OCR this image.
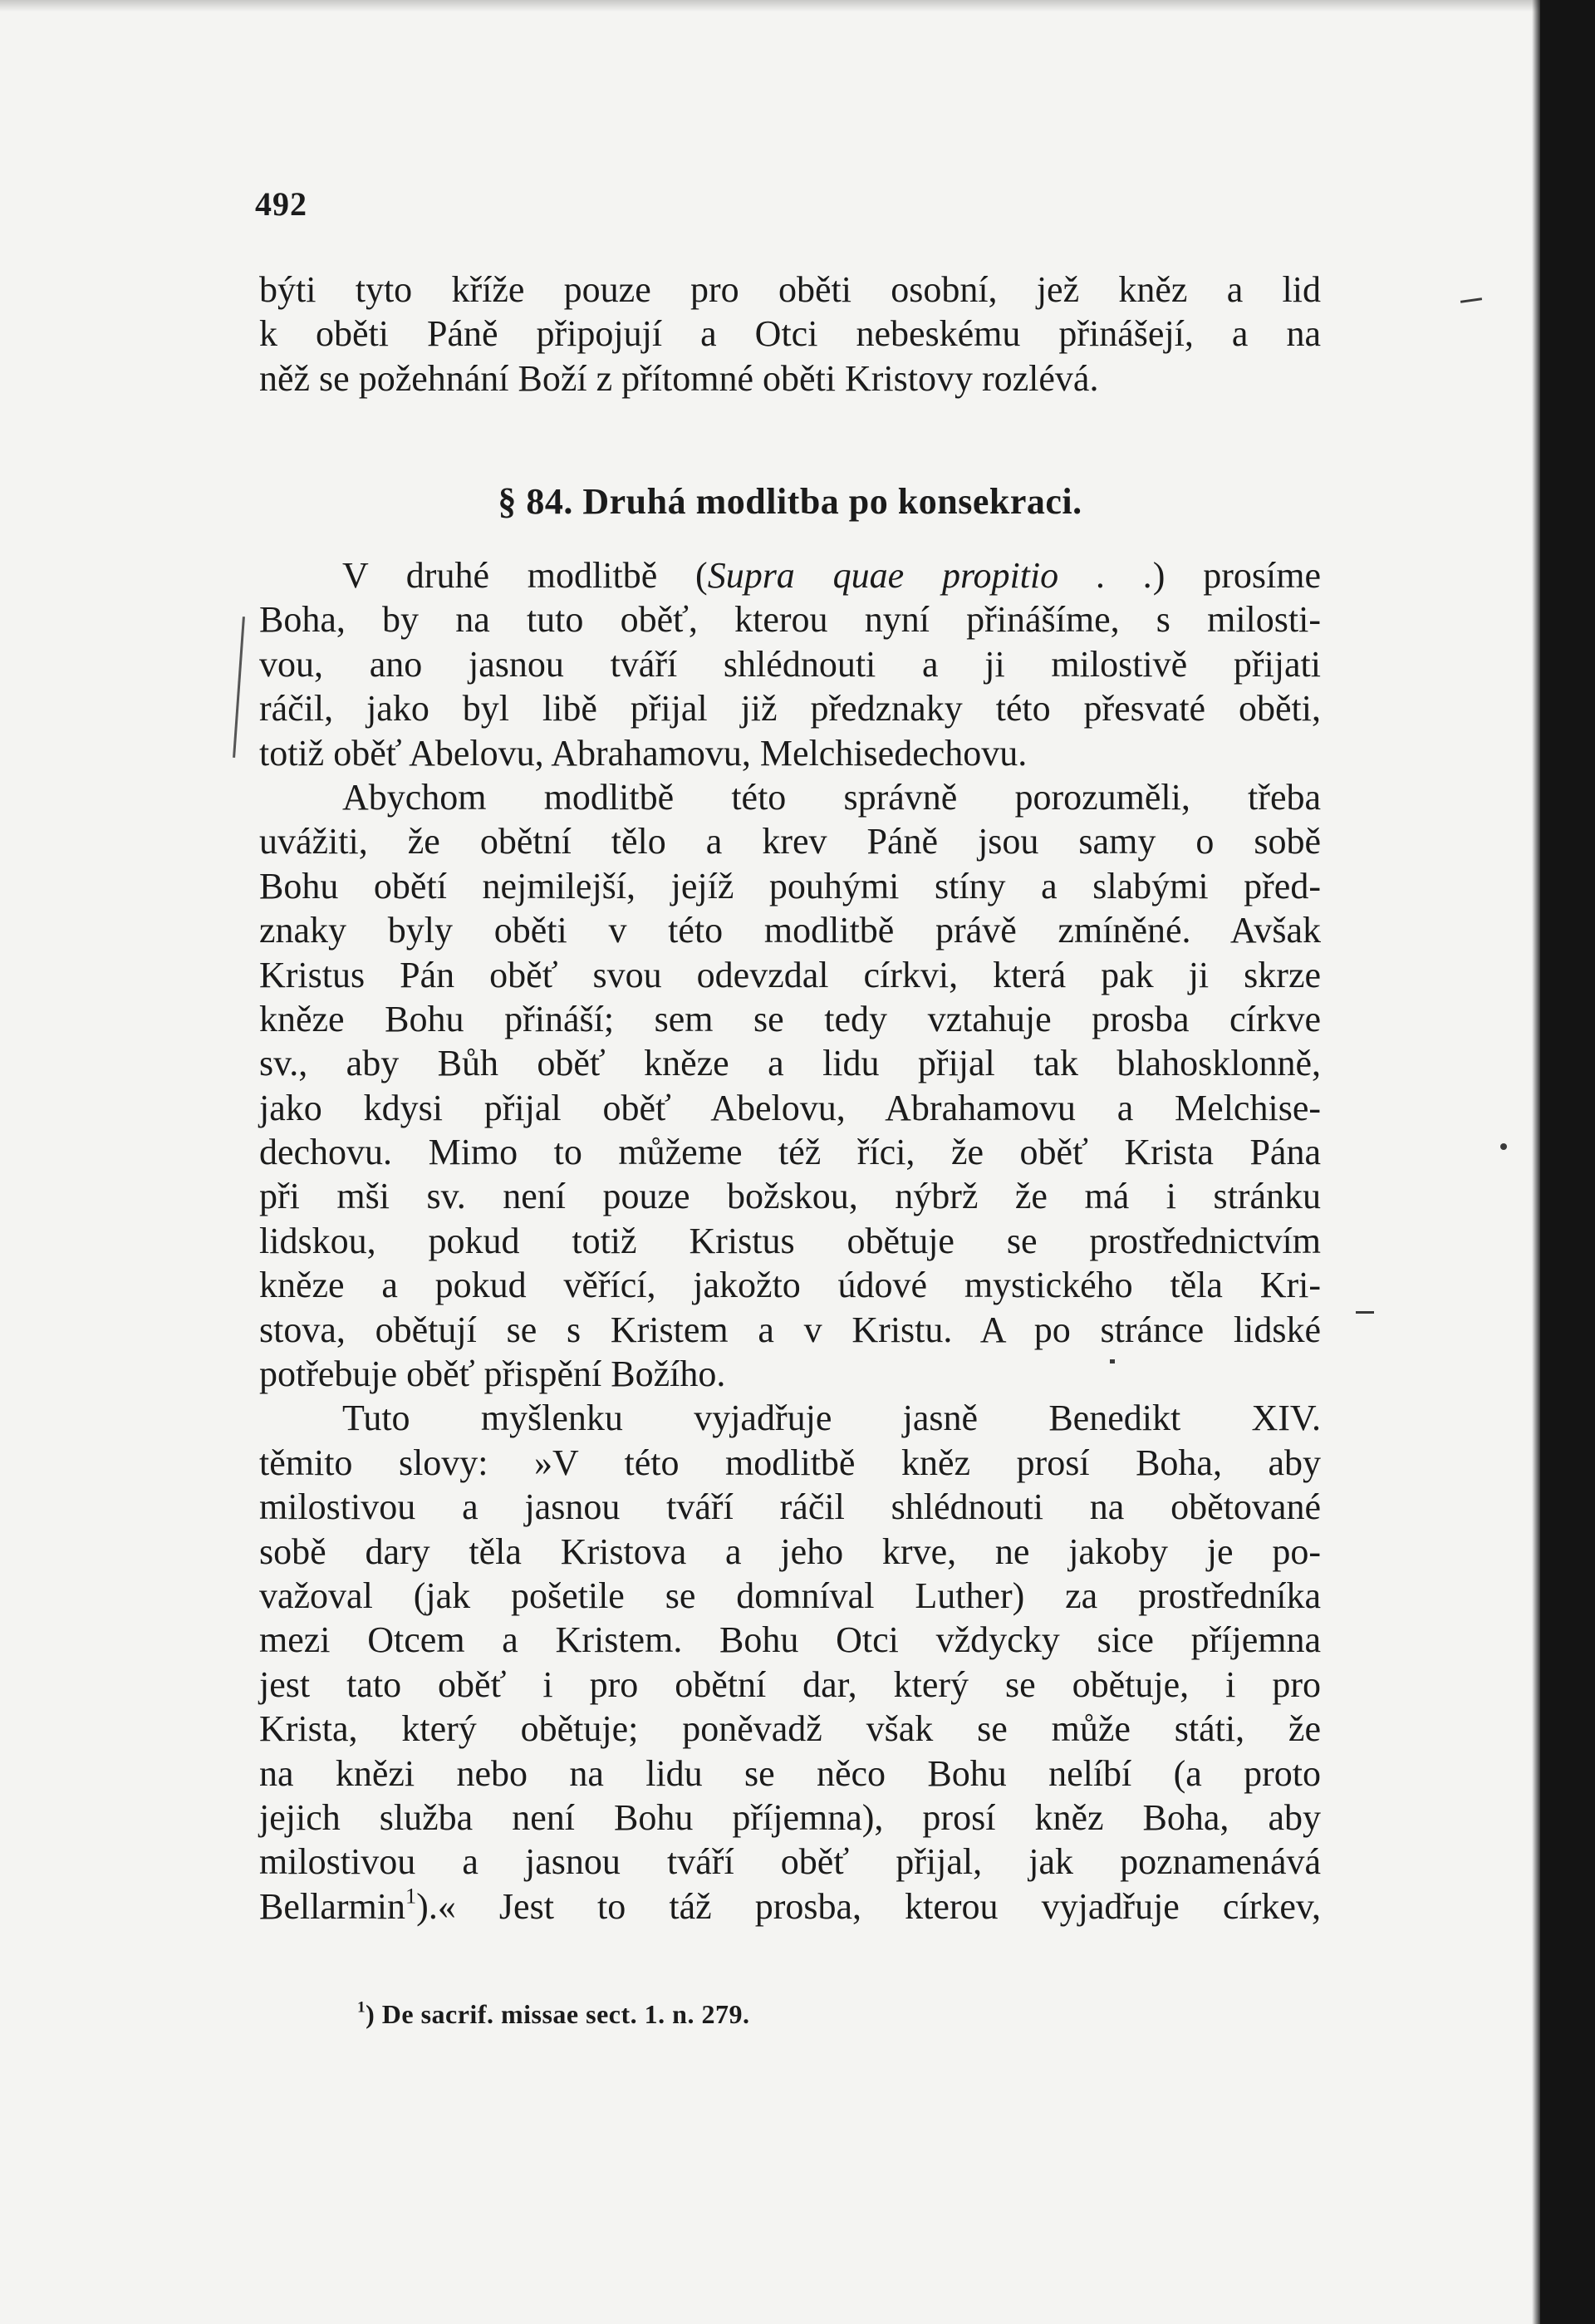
492
býti tyto kříže pouze pro oběti osobní, jež kněz a lid
k oběti Páně připojují a Otci nebeskému přinášejí, a na
něž se požehnání Boží z přítomné oběti Kristovy rozlévá.
§ 84. Druhá modlitba po konsekraci.
V druhé modlitbě (Supra quae propitio . .) prosíme
Boha, by na tuto oběť, kterou nyní přinášíme, s milosti-
vou, ano jasnou tváří shlédnouti a ji milostivě přijati
ráčil, jako byl libě přijal již předznaky této přesvaté oběti,
totiž oběť Abelovu, Abrahamovu, Melchisedechovu.
Abychom modlitbě této správně porozuměli, třeba
uvážiti, že obětní tělo a krev Páně jsou samy o sobě
Bohu obětí nejmilejší, jejíž pouhými stíny a slabými před-
znaky byly oběti v této modlitbě právě zmíněné. Avšak
Kristus Pán oběť svou odevzdal církvi, která pak ji skrze
kněze Bohu přináší; sem se tedy vztahuje prosba církve
sv., aby Bůh oběť kněze a lidu přijal tak blahosklonně,
jako kdysi přijal oběť Abelovu, Abrahamovu a Melchise-
dechovu. Mimo to můžeme též říci, že oběť Krista Pána
při mši sv. není pouze božskou, nýbrž že má i stránku
lidskou, pokud totiž Kristus obětuje se prostřednictvím
kněze a pokud věřící, jakožto údové mystického těla Kri-
stova, obětují se s Kristem a v Kristu. A po stránce lidské
potřebuje oběť přispění Božího.
Tuto myšlenku vyjadřuje jasně Benedikt XIV.
těmito slovy: »V této modlitbě kněz prosí Boha, aby
milostivou a jasnou tváří ráčil shlédnouti na obětované
sobě dary těla Kristova a jeho krve, ne jakoby je po-
važoval (jak pošetile se domníval Luther) za prostředníka
mezi Otcem a Kristem. Bohu Otci vždycky sice příjemna
jest tato oběť i pro obětní dar, který se obětuje, i pro
Krista, který obětuje; poněvadž však se může státi, že
na knězi nebo na lidu se něco Bohu nelíbí (a proto
jejich služba není Bohu příjemna), prosí kněz Boha, aby
milostivou a jasnou tváří oběť přijal, jak poznamenává
Bellarmin$^1$).« Jest to táž prosba, kterou vyjadřuje církev,
$^1$) De sacrif. missae sect. 1. n. 279.
